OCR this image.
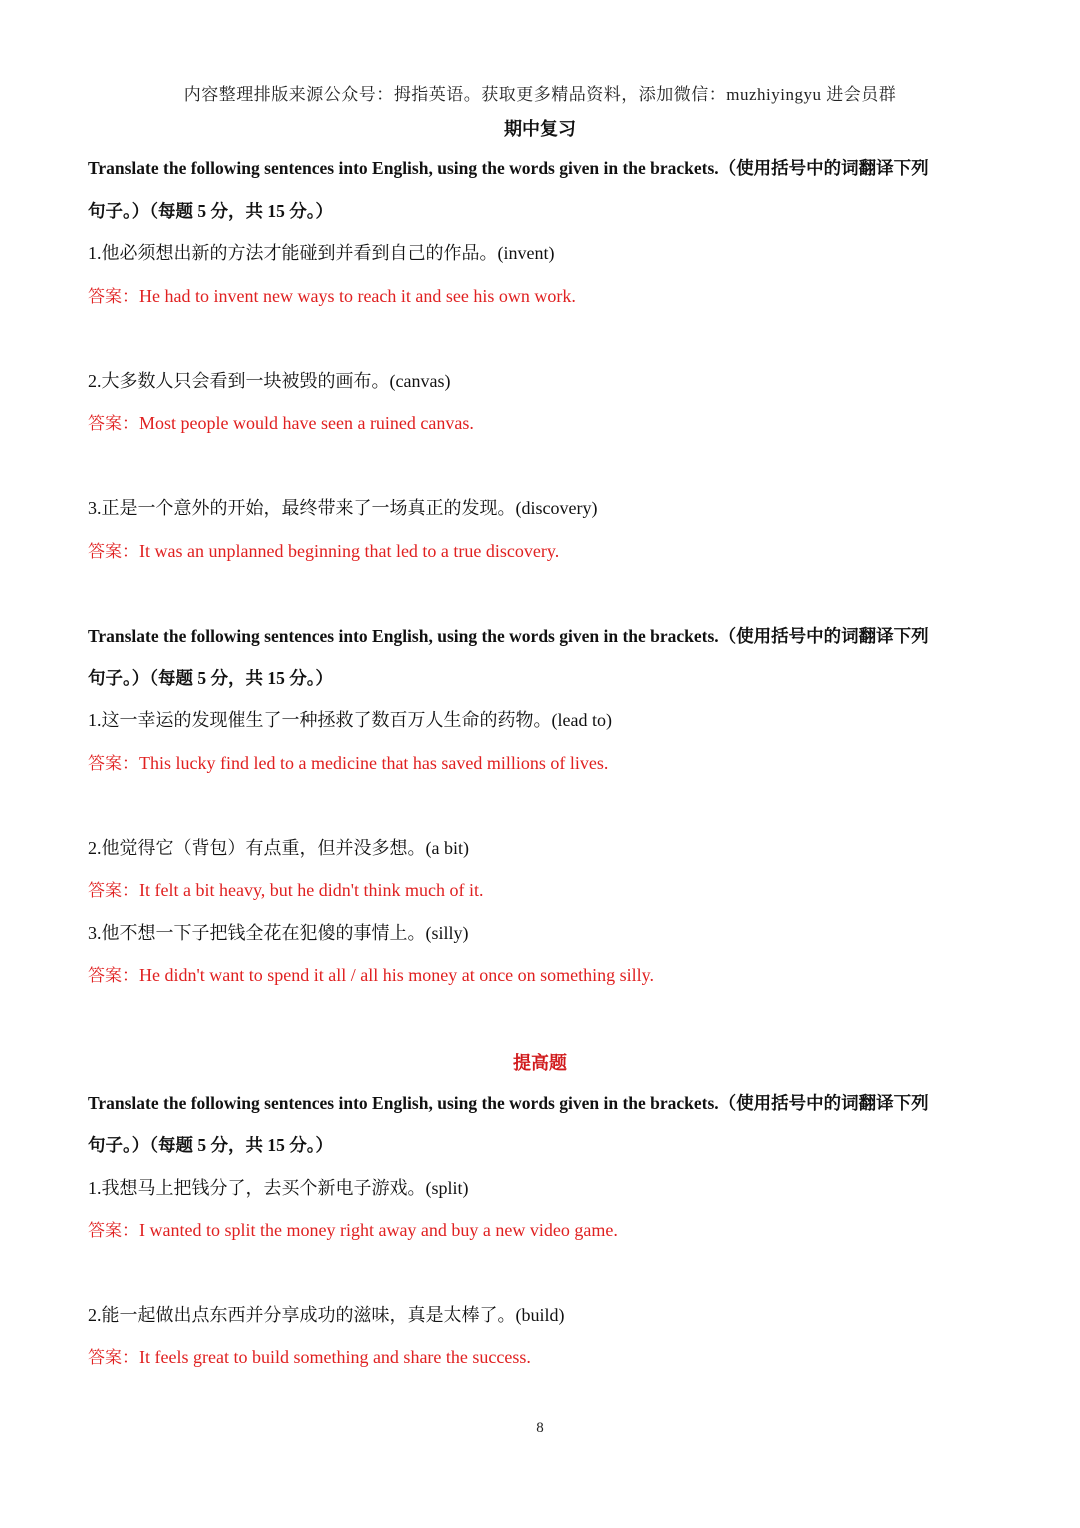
内容整理排版来源公众号：拇指英语。获取更多精品资料，添加微信：muzhiyingyu 进会员群
期中复习
Translate the following sentences into English, using the words given in the brackets.（使用括号中的词翻译下列
句子。）（每题 5 分，共 15 分。）
1.他必须想出新的方法才能碰到并看到自己的作品。(invent)
答案：He had to invent new ways to reach it and see his own work.
2.大多数人只会看到一块被毁的画布。(canvas)
答案：Most people would have seen a ruined canvas.
3.正是一个意外的开始，最终带来了一场真正的发现。(discovery)
答案：It was an unplanned beginning that led to a true discovery.
Translate the following sentences into English, using the words given in the brackets.（使用括号中的词翻译下列
句子。）（每题 5 分，共 15 分。）
1.这一幸运的发现催生了一种拯救了数百万人生命的药物。(lead to)
答案：This lucky find led to a medicine that has saved millions of lives.
2.他觉得它（背包）有点重，但并没多想。(a bit)
答案：It felt a bit heavy, but he didn't think much of it.
3.他不想一下子把钱全花在犯傻的事情上。(silly)
答案：He didn't want to spend it all / all his money at once on something silly.
提高题
Translate the following sentences into English, using the words given in the brackets.（使用括号中的词翻译下列
句子。）（每题 5 分，共 15 分。）
1.我想马上把钱分了，去买个新电子游戏。(split)
答案：I wanted to split the money right away and buy a new video game.
2.能一起做出点东西并分享成功的滋味，真是太棒了。(build)
答案：It feels great to build something and share the success.
8
